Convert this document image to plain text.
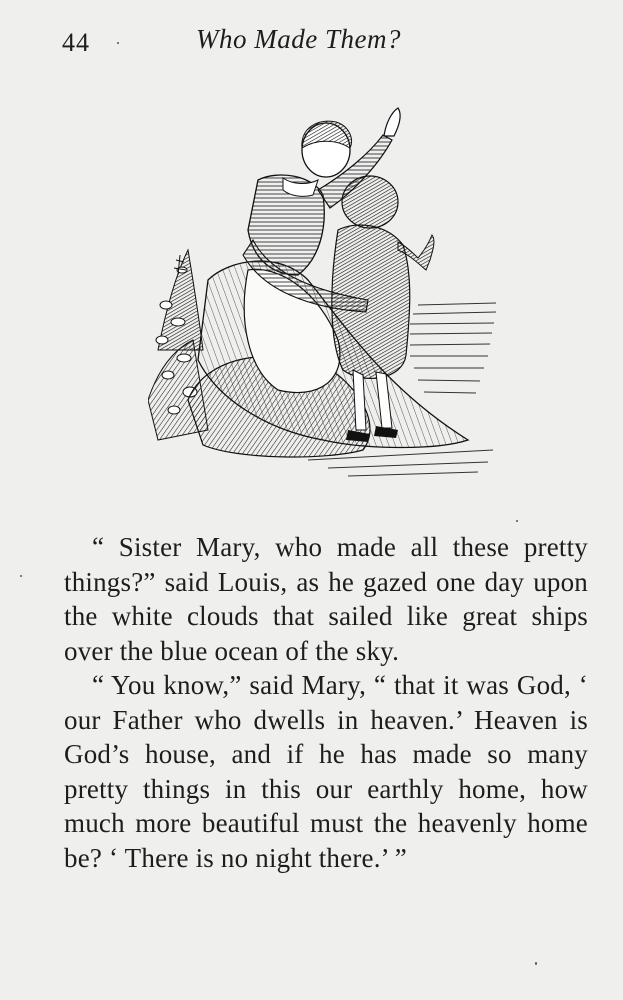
44	Who Made Them?

“ Sister Mary, who made all these pretty things?” said Louis, as he gazed one day upon the white clouds that sailed like great ships over the blue ocean of the sky.

“ You know,” said Mary, “ that it was God, ‘ our Father who dwells in heaven.’ Heaven is God’s house, and if he has made so many pretty things in this our earthly home, how much more beautiful must the heavenly home be? ‘ There is no night there.’ ”
